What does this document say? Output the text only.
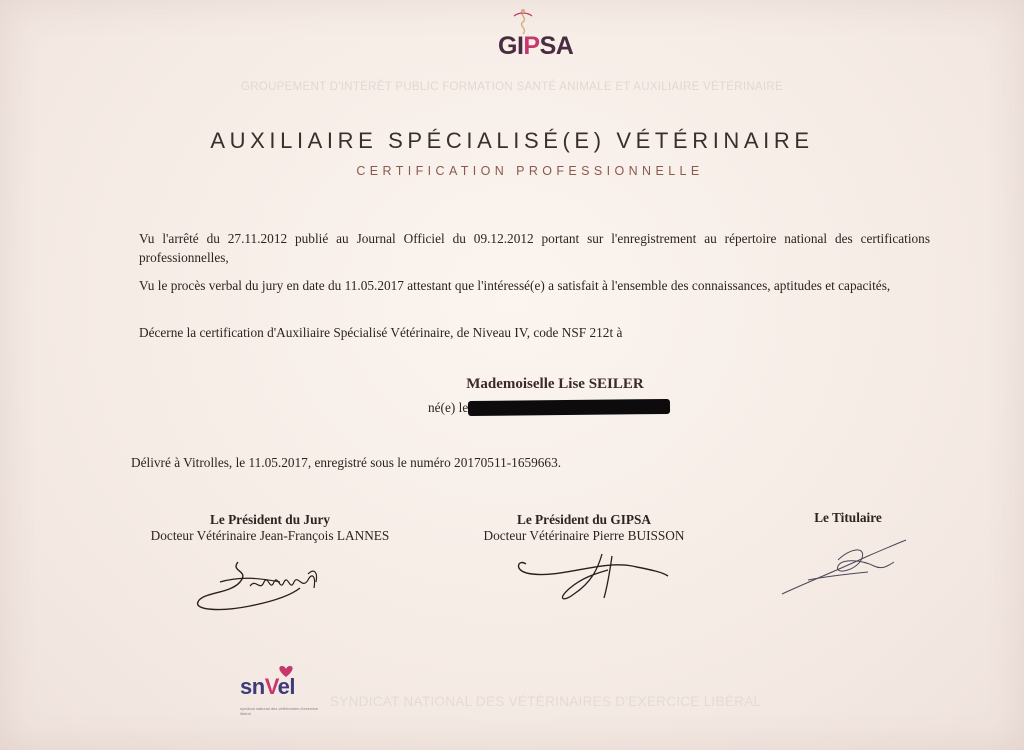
GIPSA
GROUPEMENT D'INTÉRÊT PUBLIC FORMATION SANTÉ ANIMALE ET AUXILIAIRE VÉTÉRINAIRE
AUXILIAIRE SPÉCIALISÉ(E) VÉTÉRINAIRE
CERTIFICATION PROFESSIONNELLE
Vu l'arrêté du 27.11.2012 publié au Journal Officiel du 09.12.2012 portant sur l'enregistrement au répertoire national des certifications professionnelles,
Vu le procès verbal du jury en date du 11.05.2017 attestant que l'intéressé(e) a satisfait à l'ensemble des connaissances, aptitudes et capacités,
Décerne la certification d'Auxiliaire Spécialisé Vétérinaire, de Niveau IV, code NSF 212t à
Mademoiselle Lise SEILER
né(e) le
Délivré à Vitrolles, le 11.05.2017, enregistré sous le numéro 20170511-1659663.
Le Président du Jury
Docteur Vétérinaire Jean-François LANNES
Le Président du GIPSA
Docteur Vétérinaire Pierre BUISSON
Le Titulaire
snVel
syndicat national des vétérinaires d'exercice libéral
SYNDICAT NATIONAL DES VÉTÉRINAIRES D'EXERCICE LIBÉRAL
